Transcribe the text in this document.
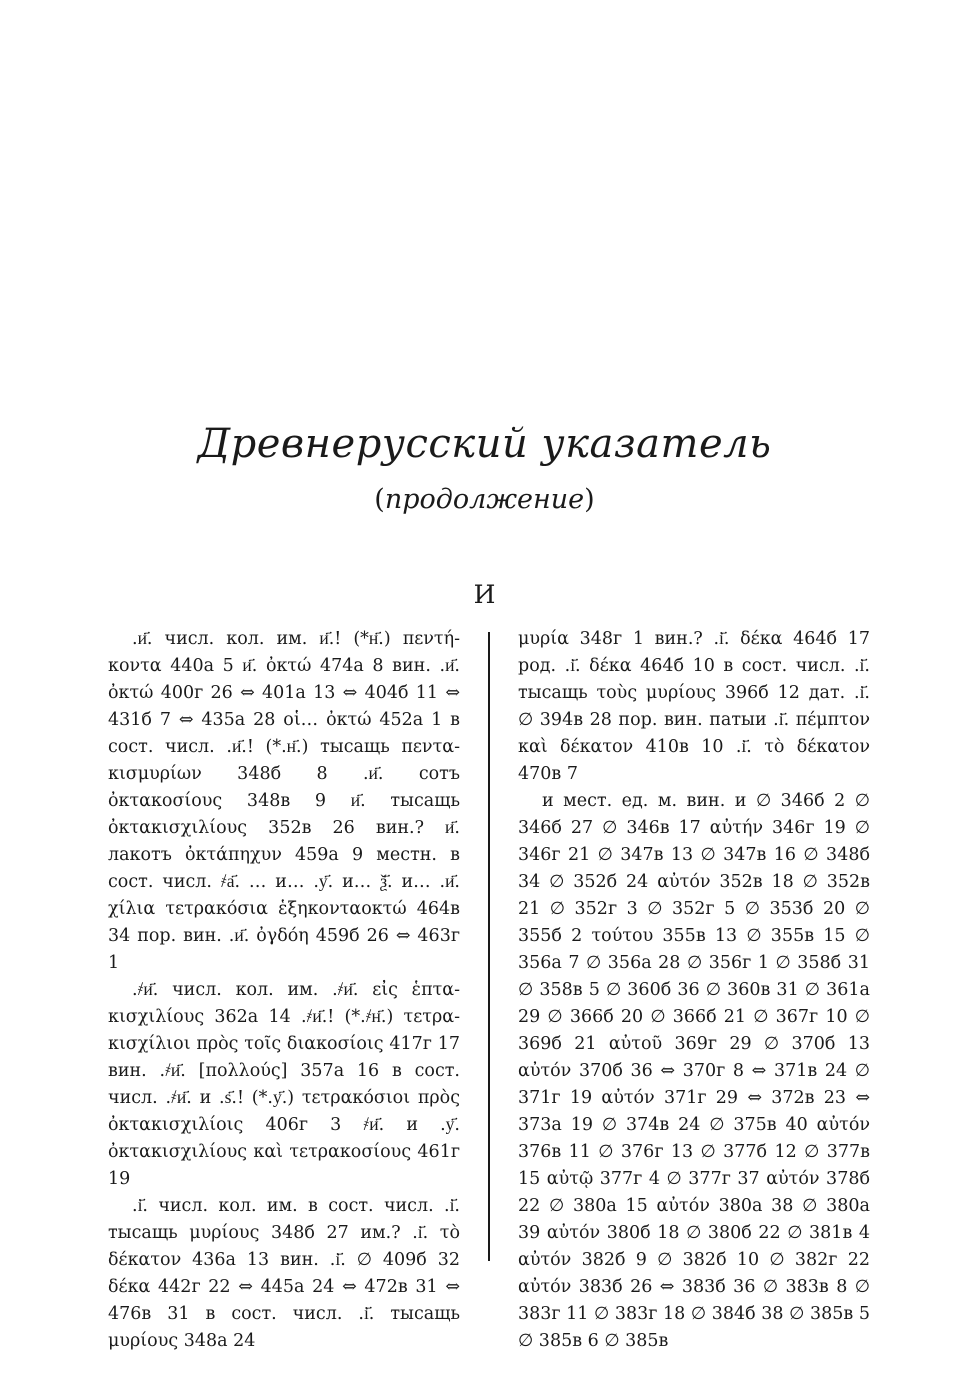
Древнерусский указатель
(продолжение)
И

.и҃. числ. кол. им. и҃.! (*н҃.) πεντήκοντα 440а 5 и҃. ὀκτώ 474а 8 вин. .и҃. ὀκτώ 400г 26 ⇔ 401а 13 ⇔ 404б 11 ⇔ 431б 7 ⇔ 435а 28 οἱ… ὀκτώ 452а 1 в сост. числ. .и҃.! (*.н҃.) тысащь πεντακισμυρίων 348б 8 .и҃. сотъ ὀκτακοσίους 348в 9 и҃. тысащь ὀκτακισχιλίους 352в 26 вин.? и҃. лакотъ ὀκτάπηχυν 459а 9 местн. в сост. числ. ҂а҃. … и… .у҃. и… ѯ҃. и… .и҃. χίλια τετρακόσια ἑξηκονταοκτώ 464в 34 пор. вин. .и҃. ὀγδόη 459б 26 ⇔ 463г 1

.҂и҃. числ. кол. им. .҂и҃. εἰς ἑπτακισχιλίους 362а 14 .҂и҃.! (*.҂н҃.) τετρακισχίλιοι πρὸς τοῖς διακοσίοις 417г 17 вин. .҂и҃. [πολλούς] 357а 16 в сост. числ. .҂и҃. и .ѕ҃.! (*.у҃.) τετρακόσιοι πρὸς ὀκτακισχιλίοις 406г 3 ҂и҃. и .у҃. ὀκτακισχιλίους καὶ τετρακοσίους 461г 19

.і҃. числ. кол. им. в сост. числ. .і҃. тысащь μυρίους 348б 27 им.? .і҃. τὸ δέκατον 436а 13 вин. .і҃. ∅ 409б 32 δέκα 442г 22 ⇔ 445а 24 ⇔ 472в 31 ⇔ 476в 31 в сост. числ. .і҃. тысащь μυρίους 348а 24

μυρία 348г 1 вин.? .і҃. δέκα 464б 17 род. .і҃. δέκα 464б 10 в сост. числ. .і҃. тысащь τοὺς μυρίους 396б 12 дат. .і҃. ∅ 394в 28 пор. вин. патыи .і҃. πέμπτον καὶ δέκατον 410в 10 .і҃. τὸ δέκατον 470в 7

и мест. ед. м. вин. и ∅ 346б 2 ∅ 346б 27 ∅ 346в 17 αὐτήν 346г 19 ∅ 346г 21 ∅ 347в 13 ∅ 347в 16 ∅ 348б 34 ∅ 352б 24 αὐτόν 352в 18 ∅ 352в 21 ∅ 352г 3 ∅ 352г 5 ∅ 353б 20 ∅ 355б 2 τούτου 355в 13 ∅ 355в 15 ∅ 356а 7 ∅ 356а 28 ∅ 356г 1 ∅ 358б 31 ∅ 358в 5 ∅ 360б 36 ∅ 360в 31 ∅ 361а 29 ∅ 366б 20 ∅ 366б 21 ∅ 367г 10 ∅ 369б 21 αὐτοῦ 369г 29 ∅ 370б 13 αὐτόν 370б 36 ⇔ 370г 8 ⇔ 371в 24 ∅ 371г 19 αὐτόν 371г 29 ⇔ 372в 23 ⇔ 373а 19 ∅ 374в 24 ∅ 375в 40 αὐτόν 376в 11 ∅ 376г 13 ∅ 377б 12 ∅ 377в 15 αὐτῷ 377г 4 ∅ 377г 37 αὐτόν 378б 22 ∅ 380а 15 αὐτόν 380а 38 ∅ 380а 39 αὐτόν 380б 18 ∅ 380б 22 ∅ 381в 4 αὐτόν 382б 9 ∅ 382б 10 ∅ 382г 22 αὐτόν 383б 26 ⇔ 383б 36 ∅ 383в 8 ∅ 383г 11 ∅ 383г 18 ∅ 384б 38 ∅ 385в 5 ∅ 385в 6 ∅ 385в
